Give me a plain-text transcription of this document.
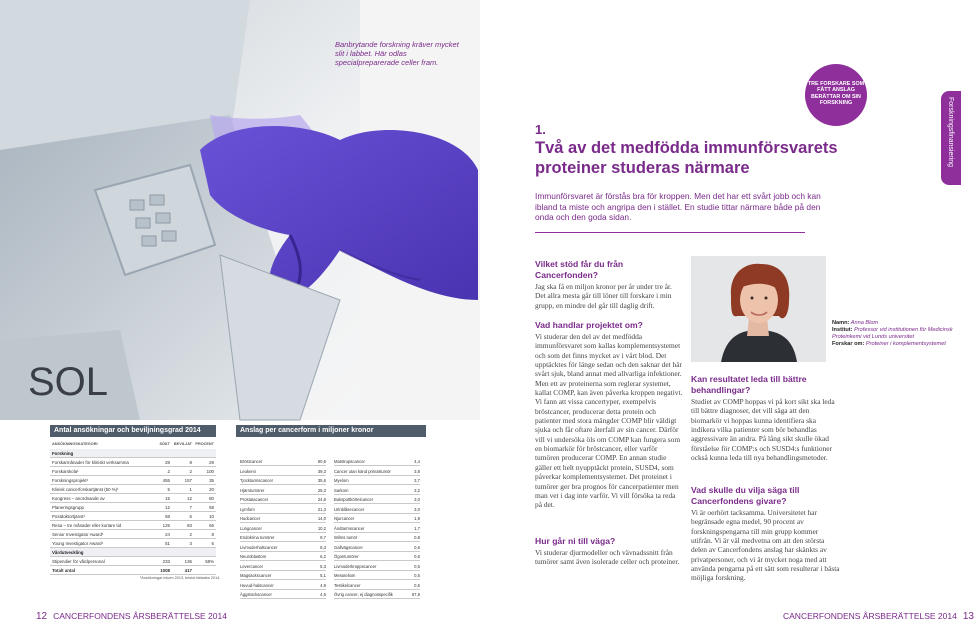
SOL
Banbrytande forskning kräver mycket slit i labbet. Här odlas specialpreparerade celler fram.
Antal ansökningar och beviljningsgrad 2014
ANSÖKNINGSKATEGORI	SÖKT	BEVILJAT PROCENT
Forskning
Forskarmånader för kliniskt verksamma	28	8	29
Forskarskola¹	2	2	100
Forskningsprojekt¹	455	157	35
Klinisk cancerforskartjänst (50 %)¹	5	1	20
Kongress – anordnande av	15	12	80
Planeringsgrupp	12	7	58
Postdoktortjänst¹	58	6	10
Resa – tre månader eller kortare tid	125	83	66
Senior Investigator Award¹	24	2	8
Young Investigator Award¹	51	3	6
Vårdutveckling
Stipendier för vårdpersonal	233	136	58%
Totalt antal	1008	417
Anslag per cancerform i miljoner kronor
Bröstcancer	60,6
Leukemi	39,3
Tjocktarmscancer	35,6
Hjärntumörer	25,3
Prostatacancer	24,8
Lymfom	21,3
Hudcancer	14,0
Lungcancer	10,2
Endokrina tumörer	9,7
Livmoderhalscancer	8,3
Neuroblastom	6,2
Levercancer	5,3
Magsäckscancer	5,1
Huvud-halscancer	4,9
Äggstockscancer	4,5
Matstrupscancer	4,4
Cancer utan känd primärtumör	3,8
Myelom	3,7
Sarkom	3,2
Bukspottkörtelcancer	3,0
Urinblåsecancer	3,0
Njurcancer	1,9
Ändtarmscancer	1,7
Wilms tumör	0,8
Gallvägscancer	0,6
Ögontumörer	0,6
Livmoderkroppscancer	0,5
Mesoteliom	0,5
Testikelcancer	0,5
Övrig cancer, ej diagnosspecifik	67,8
¹Ansökningar inkom 2013, beslut fattades 2014.
12 CANCERFONDENS ÅRSBERÄTTELSE 2014
TRE FORSKARE SOM FÅTT ANSLAG BERÄTTAR OM SIN FORSKNING	Forskningsfinansiering
1.
Två av det medfödda immunförsvarets proteiner studeras närmare
Immunförsvaret är förstås bra för kroppen. Men det har ett svårt jobb och kan ibland ta miste och angripa den i stället. En studie tittar närmare både på den onda och den goda sidan.
Vilket stöd får du från Cancerfonden?
Jag ska få en miljon kronor per år under tre år. Det allra mesta går till löner till forskare i min grupp, en mindre del går till daglig drift.
Vad handlar projektet om?
Vi studerar den del av det medfödda immunförsvaret som kallas komplementsystemet och som det finns mycket av i vårt blod. Det upptäcktes för länge sedan och den saknar det här svårt sjuk, bland annat med allvarliga infektioner. Men ett av proteinerna som reglerar systemet, kallat COMP, kan även påverka kroppen negativt. Vi fann att vissa cancertyper, exempelvis bröstcancer, producerar detta protein och patienter med stora mängder COMP blir väldigt sjuka och får oftare återfall av sin cancer. Därför vill vi undersöka öls om COMP kan fungera som en biomarkör för bröstcancer, eller varför tumören producerar COMP. En annan studie gäller ett helt nyupptäckt protein, SUSD4, som påverkar komplementsystemet. Det proteinet i tumörer ger bra prognos för cancerpatienter men man vet i dag inte varför. Vi vill försöka ta reda på det.
Hur går ni till väga?
Vi studerar djurmodeller och vävnadssnitt från tumörer samt även isolerade celler och proteiner.
Namn: Anna Blom
Institut: Professor vid institutionen för Medicinsk Proteinkemi vid Lunds universitet
Forskar om: Proteiner i komplementsystemet
Kan resultatet leda till bättre behandlingar?
Studiet av COMP hoppas vi på kort sikt ska leda till bättre diagnoser, det vill säga att den biomarkör vi hoppas kunna identifiera ska indikera vilka patienter som bör behandlas aggressivare än andra. På lång sikt skulle ökad förståelse för COMP:s och SUSD4:s funktioner också kunna leda till nya behandlingsmetoder.
Vad skulle du vilja säga till Cancerfondens givare?
Vi är oerhört tacksamma. Universitetet har begränsade egna medel, 90 procent av forskningspengarna till min grupp kommer utifrån. Vi är väl medvetna om att den största delen av Cancerfondens anslag har skänkts av privatpersoner, och vi är mycket noga med att använda pengarna på ett sätt som resulterar i bästa möjliga forskning.
CANCERFONDENS ÅRSBERÄTTELSE 2014 13
